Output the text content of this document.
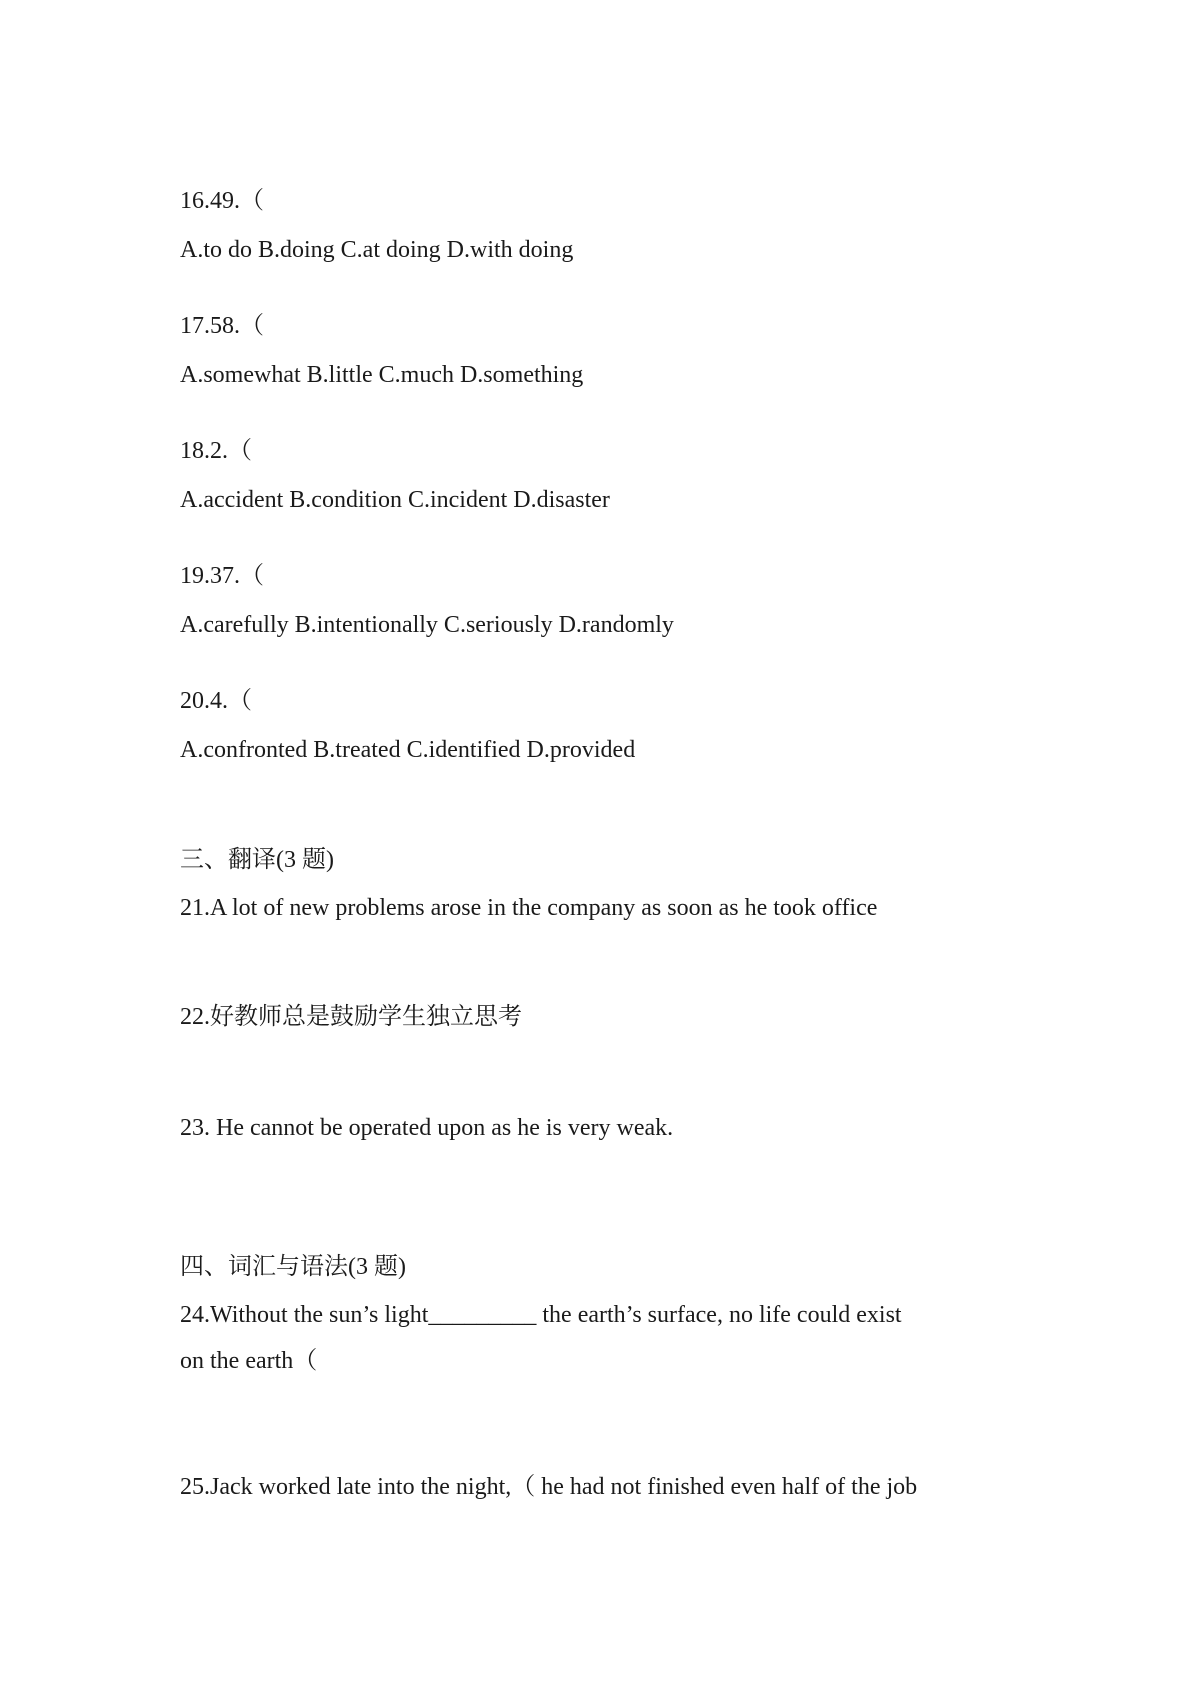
16.49.（
A.to do B.doing C.at doing D.with doing
17.58.（
A.somewhat B.little C.much D.something
18.2.（
A.accident B.condition C.incident D.disaster
19.37.（
A.carefully B.intentionally C.seriously D.randomly
20.4.（
A.confronted B.treated C.identified D.provided
三、翻译(3 题)
21.A lot of new problems arose in the company as soon as he took office
22.好教师总是鼓励学生独立思考
23. He cannot be operated upon as he is very weak.
四、词汇与语法(3 题)
24.Without the sun’s light_________ the earth’s surface, no life could exist
on the earth（
25.Jack worked late into the night,（ he had not finished even half of the job
